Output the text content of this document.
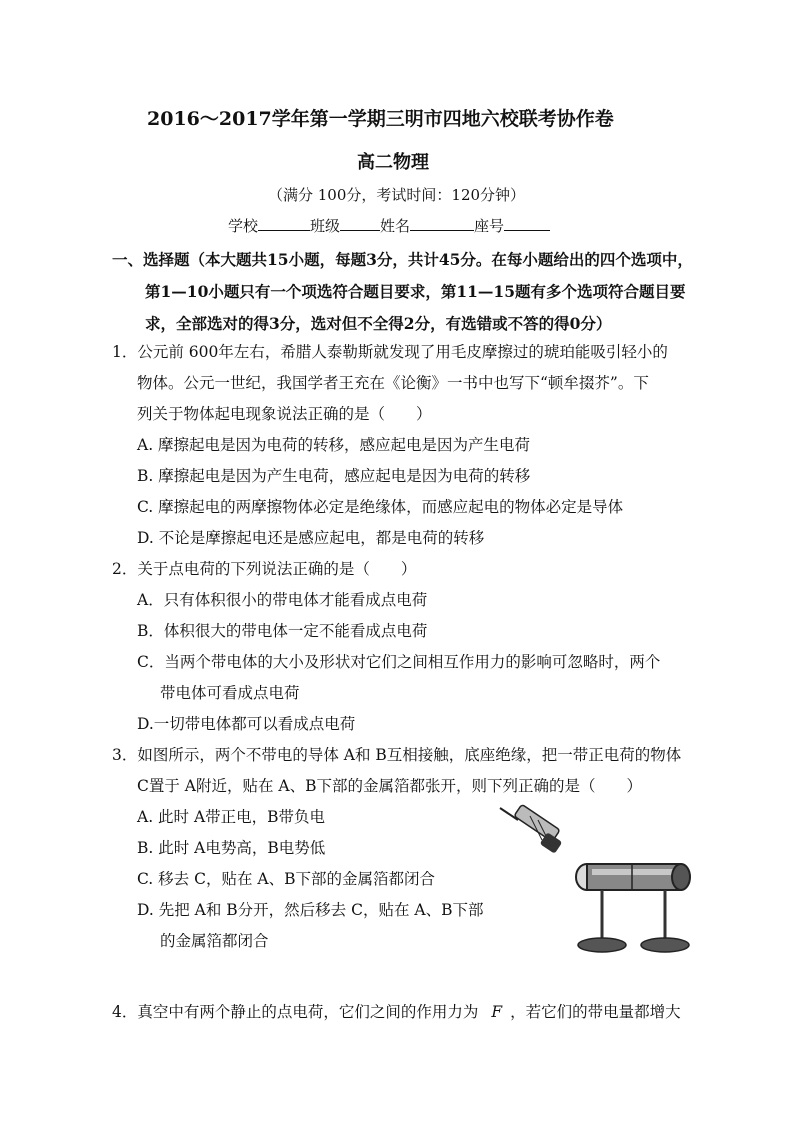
2016～2017学年第一学期三明市四地六校联考协作卷
高二物理
（满分 100分，考试时间：120分钟）
学校	班级	姓名	座号
一、选择题（本大题共15小题，每题3分，共计45分。在每小题给出的四个选项中，
第1—10小题只有一个项选符合题目要求，第11—15题有多个选项符合题目要
求，全部选对的得3分，选对但不全得2分，有选错或不答的得0分）
1．公元前 600年左右，希腊人泰勒斯就发现了用毛皮摩擦过的琥珀能吸引轻小的
物体。公元一世纪，我国学者王充在《论衡》一书中也写下“顿牟掇芥”。下
列关于物体起电现象说法正确的是（　　）
A. 摩擦起电是因为电荷的转移，感应起电是因为产生电荷
B. 摩擦起电是因为产生电荷，感应起电是因为电荷的转移
C. 摩擦起电的两摩擦物体必定是绝缘体，而感应起电的物体必定是导体
D. 不论是摩擦起电还是感应起电，都是电荷的转移
2．关于点电荷的下列说法正确的是（　　）
A．只有体积很小的带电体才能看成点电荷
B．体积很大的带电体一定不能看成点电荷
C．当两个带电体的大小及形状对它们之间相互作用力的影响可忽略时，两个
带电体可看成点电荷
D.一切带电体都可以看成点电荷
3．如图所示，两个不带电的导体 A和 B互相接触，底座绝缘，把一带正电荷的物体
C置于 A附近，贴在 A、B下部的金属箔都张开，则下列正确的是（　　）
A. 此时 A带正电，B带负电
B. 此时 A电势高，B电势低
C. 移去 C，贴在 A、B下部的金属箔都闭合
D. 先把 A和 B分开，然后移去 C，贴在 A、B下部
的金属箔都闭合
4．真空中有两个静止的点电荷，它们之间的作用力为 F ，若它们的带电量都增大
